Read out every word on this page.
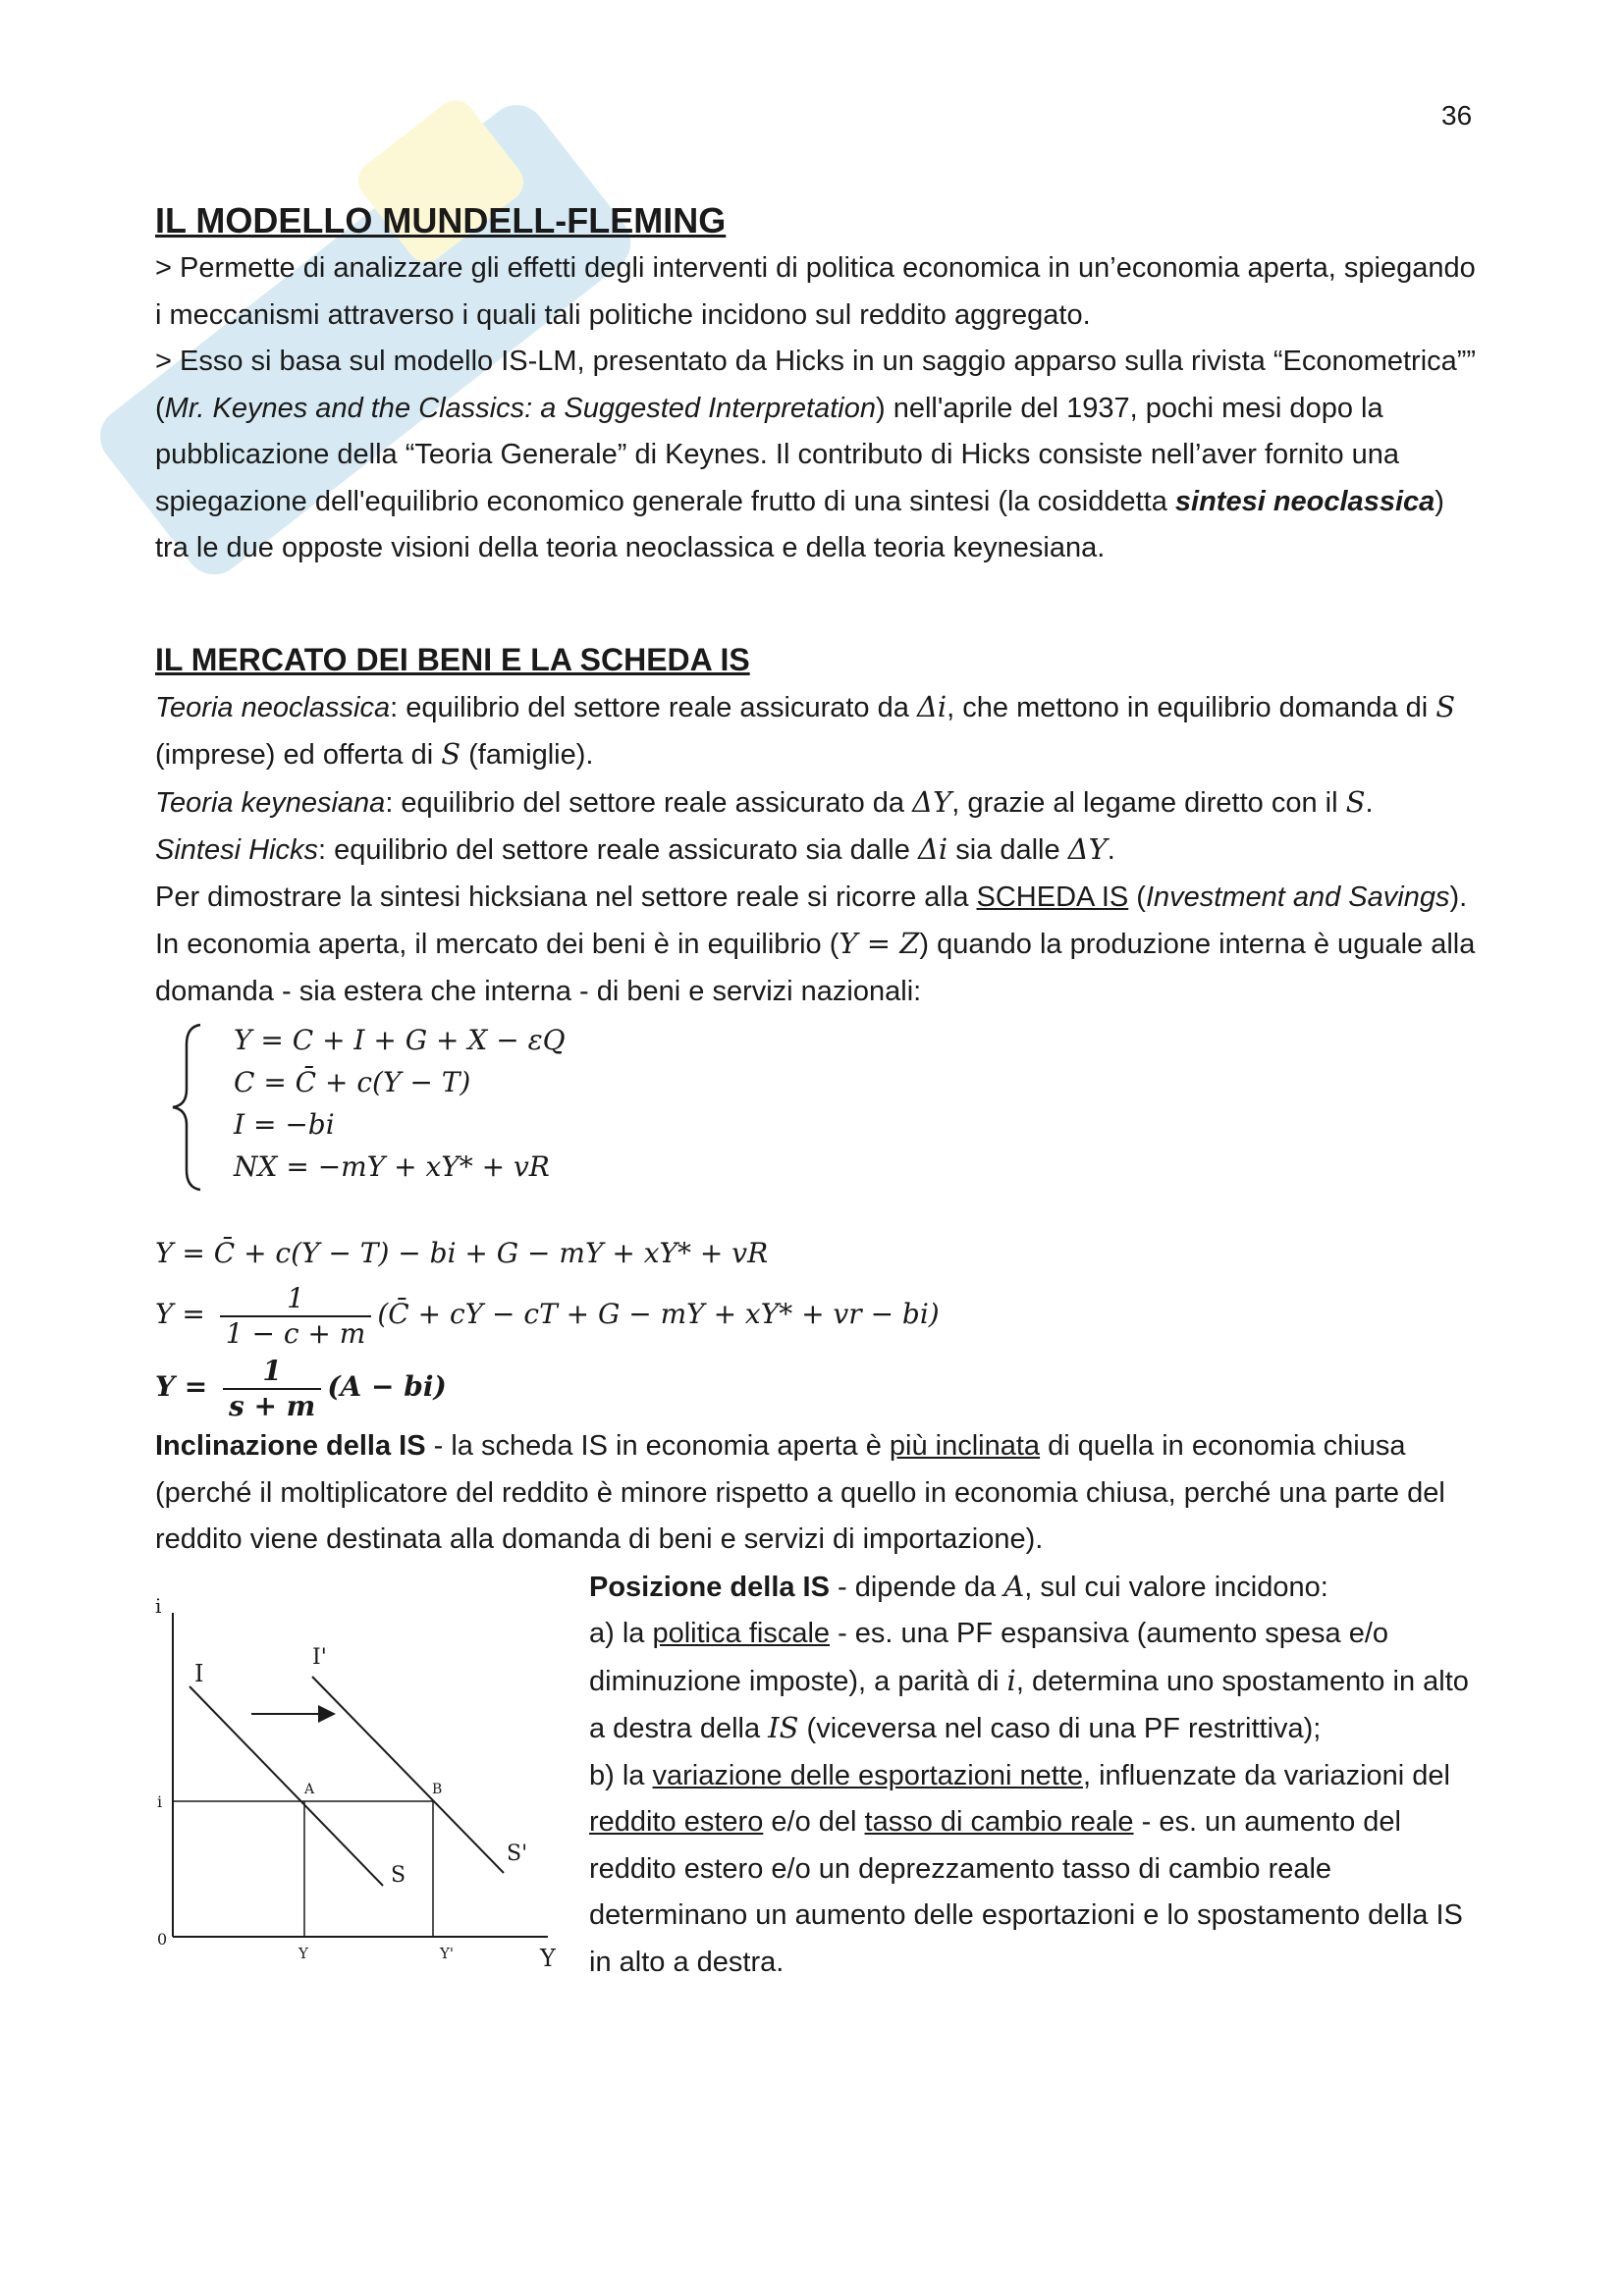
36
IL MODELLO MUNDELL-FLEMING

> Permette di analizzare gli effetti degli interventi di politica economica in un’economia aperta, spiegando i meccanismi attraverso i quali tali politiche incidono sul reddito aggregato.

> Esso si basa sul modello IS-LM, presentato da Hicks in un saggio apparso sulla rivista “Econometrica”” (Mr. Keynes and the Classics: a Suggested Interpretation) nell'aprile del 1937, pochi mesi dopo la pubblicazione della “Teoria Generale” di Keynes. Il contributo di Hicks consiste nell’aver fornito una spiegazione dell'equilibrio economico generale frutto di una sintesi (la cosiddetta sintesi neoclassica) tra le due opposte visioni della teoria neoclassica e della teoria keynesiana.

IL MERCATO DEI BENI E LA SCHEDA IS

Teoria neoclassica: equilibrio del settore reale assicurato da Δi, che mettono in equilibrio domanda di S (imprese) ed offerta di S (famiglie).

Teoria keynesiana: equilibrio del settore reale assicurato da ΔY, grazie al legame diretto con il S.

Sintesi Hicks: equilibrio del settore reale assicurato sia dalle Δi sia dalle ΔY.

Per dimostrare la sintesi hicksiana nel settore reale si ricorre alla SCHEDA IS (Investment and Savings).

In economia aperta, il mercato dei beni è in equilibrio (Y = Z) quando la produzione interna è uguale alla domanda - sia estera che interna - di beni e servizi nazionali:

Y = C + I + G + X − εQ
C = C̄ + c(Y − T)
I = −bi
NX = −mY + xY* + vR
Y = C̄ + c(Y − T) − bi + G − mY + xY* + vR
$Y = \frac{1}{1 - c + m}$ (C̄ + cY − cT + G − mY + xY* + vr − bi)
$Y = \frac{1}{s + m} (A - bi)$

Inclinazione della IS - la scheda IS in economia aperta è più inclinata di quella in economia chiusa (perché il moltiplicatore del reddito è minore rispetto a quello in economia chiusa, perché una parte del reddito viene destinata alla domanda di beni e servizi di importazione).

i
Y
0
i
I
I'
S
S'
A	B
Y	Y'

Posizione della IS - dipende da A, sul cui valore incidono:

a) la politica fiscale - es. una PF espansiva (aumento spesa e/o diminuzione imposte), a parità di i, determina uno spostamento in alto a destra della IS (viceversa nel caso di una PF restrittiva);

b) la variazione delle esportazioni nette, influenzate da variazioni del reddito estero e/o del tasso di cambio reale - es. un aumento del reddito estero e/o un deprezzamento tasso di cambio reale determinano un aumento delle esportazioni e lo spostamento della IS in alto a destra.
